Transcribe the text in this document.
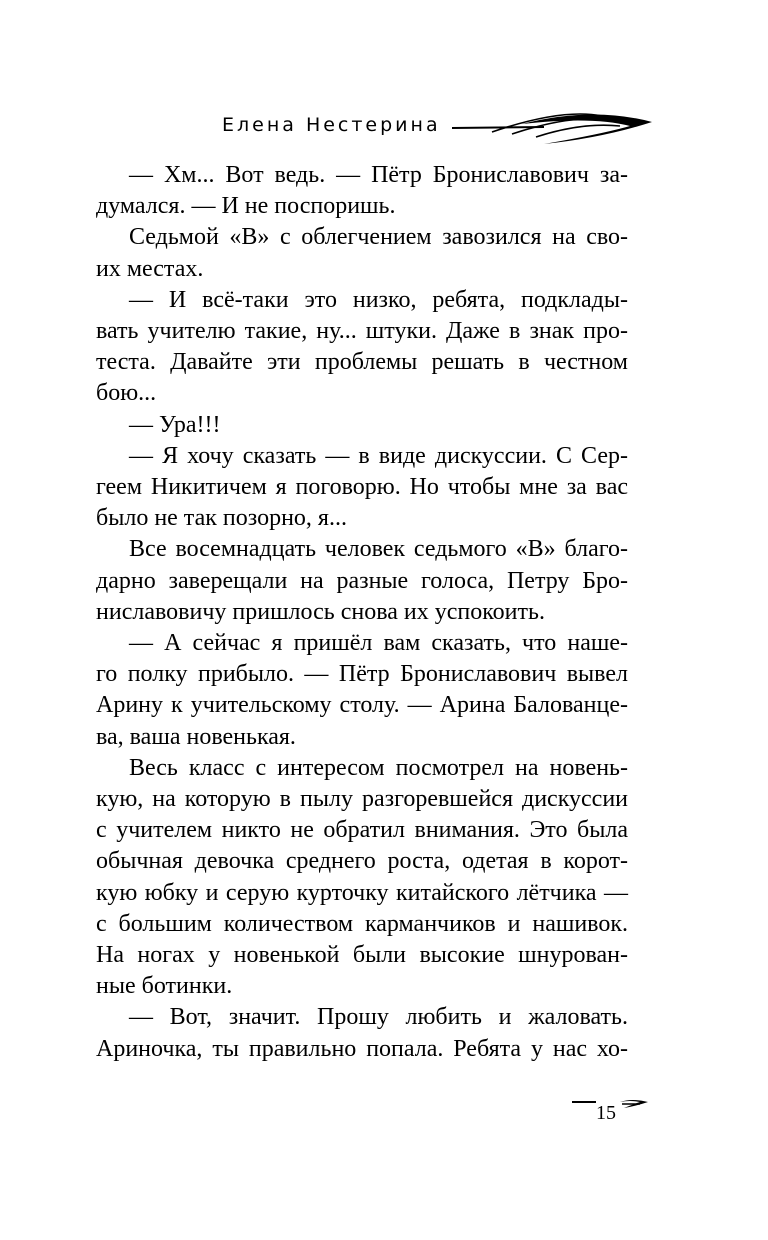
Елена Нестерина

— Хм... Вот ведь. — Пётр Брониславович за-
думался. — И не поспоришь.

Седьмой «В» с облегчением завозился на сво-
их местах.

— И всё-таки это низко, ребята, подклады-
вать учителю такие, ну... штуки. Даже в знак про-
теста. Давайте эти проблемы решать в честном
бою...

— Ура!!!

— Я хочу сказать — в виде дискуссии. С Сер-
геем Никитичем я поговорю. Но чтобы мне за вас
было не так позорно, я...

Все восемнадцать человек седьмого «В» благо-
дарно заверещали на разные голоса, Петру Бро-
ниславовичу пришлось снова их успокоить.

— А сейчас я пришёл вам сказать, что наше-
го полку прибыло. — Пётр Брониславович вывел
Арину к учительскому столу. — Арина Балованце-
ва, ваша новенькая.

Весь класс с интересом посмотрел на новень-
кую, на которую в пылу разгоревшейся дискуссии
с учителем никто не обратил внимания. Это была
обычная девочка среднего роста, одетая в корот-
кую юбку и серую курточку китайского лётчика —
с большим количеством карманчиков и нашивок.
На ногах у новенькой были высокие шнурован-
ные ботинки.

— Вот, значит. Прошу любить и жаловать.
Ариночка, ты правильно попала. Ребята у нас хо-

15
